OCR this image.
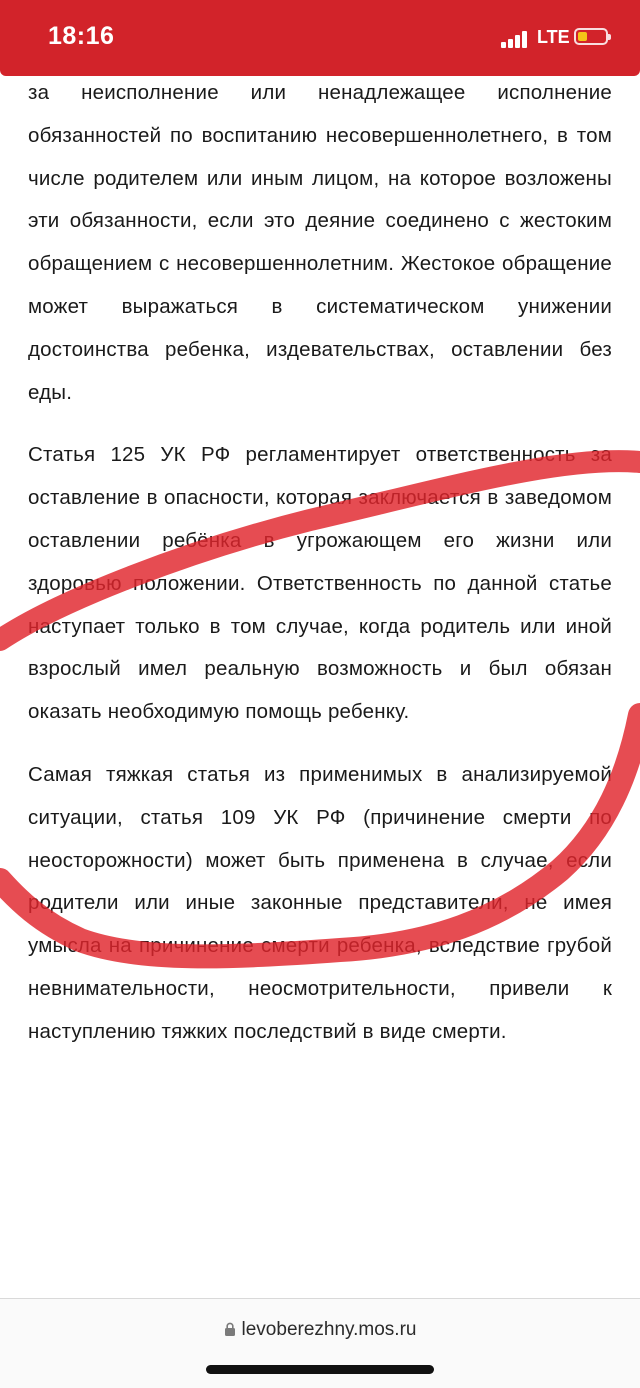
18:16	LTE

за неисполнение или ненадлежащее исполнение обязанностей по воспитанию несовершеннолетнего, в том числе родителем или иным лицом, на которое возложены эти обязанности, если это деяние соединено с жестоким обращением с несовершеннолетним. Жестокое обращение может выражаться в систематическом унижении достоинства ребенка, издевательствах, оставлении без еды.

Статья 125 УК РФ регламентирует ответственность за оставление в опасности, которая заключается в заведомом оставлении ребёнка в угрожающем его жизни или здоровью положении. Ответственность по данной статье наступает только в том случае, когда родитель или иной взрослый имел реальную возможность и был обязан оказать необходимую помощь ребенку.

Самая тяжкая статья из применимых в анализируемой ситуации, статья 109 УК РФ (причинение смерти по неосторожности) может быть применена в случае, если родители или иные законные представители, не имея умысла на причинение смерти ребенка, вследствие грубой невнимательности, неосмотрительности, привели к наступлению тяжких последствий в виде смерти.

levoberezhny.mos.ru
